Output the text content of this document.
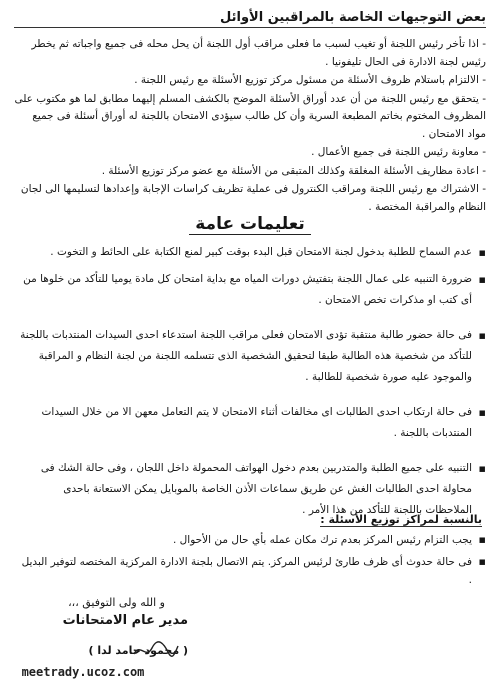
بعض التوجيهات الخاصة بالمراقبين الأوائل

- اذا تأخر رئيس اللجنة أو تغيب لسبب ما فعلى مراقب أول اللجنة أن يحل محله فى جميع واجباته ثم يخطر رئيس لجنة الادارة فى الحال تليفونيا .

- الالتزام باستلام ظروف الأسئلة من مسئول مركز توزيع الأسئلة مع رئيس اللجنة .

- يتحقق مع رئيس اللجنة من أن عدد أوراق الأسئلة الموضح بالكشف المسلم إليهما مطابق لما هو مكتوب على المظروف المختوم بخاتم المطبعة السرية وأن كل طالب سيؤدى الامتحان باللجنة له أوراق أسئلة فى جميع مواد الامتحان .

- معاونة رئيس اللجنة فى جميع الأعمال .

- اعادة مظاريف الأسئلة المغلقة وكذلك المتبقى من الأسئلة مع عضو مركز توزيع الأسئلة .

- الاشتراك مع رئيس اللجنة ومراقب الكنترول فى عملية تظريف كراسات الإجابة وإعدادها لتسليمها الى لجان النظام والمراقبة المختصة .

تعليمات عامة
▪
عدم السماح للطلبة بدخول لجنة الامتحان قبل البدء بوقت كبير لمنع الكتابة على الحائط و التخوت .
▪
ضرورة التنبيه على عمال اللجنة بتفتيش دورات المياه مع بداية امتحان كل مادة يوميا للتأكد من خلوها من أى كتب او مذكرات تخص الامتحان .
▪
فى حالة حضور طالبة منتقبة تؤدى الامتحان فعلى مراقب اللجنة استدعاء احدى السيدات المنتدبات باللجنة للتأكد من شخصية هذه الطالبة طبقا لتحقيق الشخصية الذى تتسلمه اللجنة من لجنة النظام و المراقبة والموجود عليه صورة شخصية للطالبة .
▪
فى حالة ارتكاب احدى الطالبات اى مخالفات أثناء الامتحان لا يتم التعامل معهن الا من خلال السيدات المنتدبات باللجنة .
▪
التنبيه على جميع الطلبة والمتدربين بعدم دخول الهواتف المحمولة داخل اللجان ، وفى حالة الشك فى محاولة احدى الطالبات الغش عن طريق سماعات الأذن الخاصة بالموبايل يمكن الاستعانة باحدى الملاحظات باللجنة للتأكد من هذا الأمر .
بالنسبة لمراكز توزيع الأسئلة :
▪
يجب التزام رئيس المركز بعدم ترك مكان عمله بأي حال من الأحوال .
▪
فى حالة حدوث أى ظرف طارئ لرئيس المركز. يتم الاتصال بلجنة الادارة المركزية المختصه لتوفير البديل .
و الله ولى التوفيق ،،،
مدير عام الامتحانات
( محمود حامد لدا )
meetrady.ucoz.com
